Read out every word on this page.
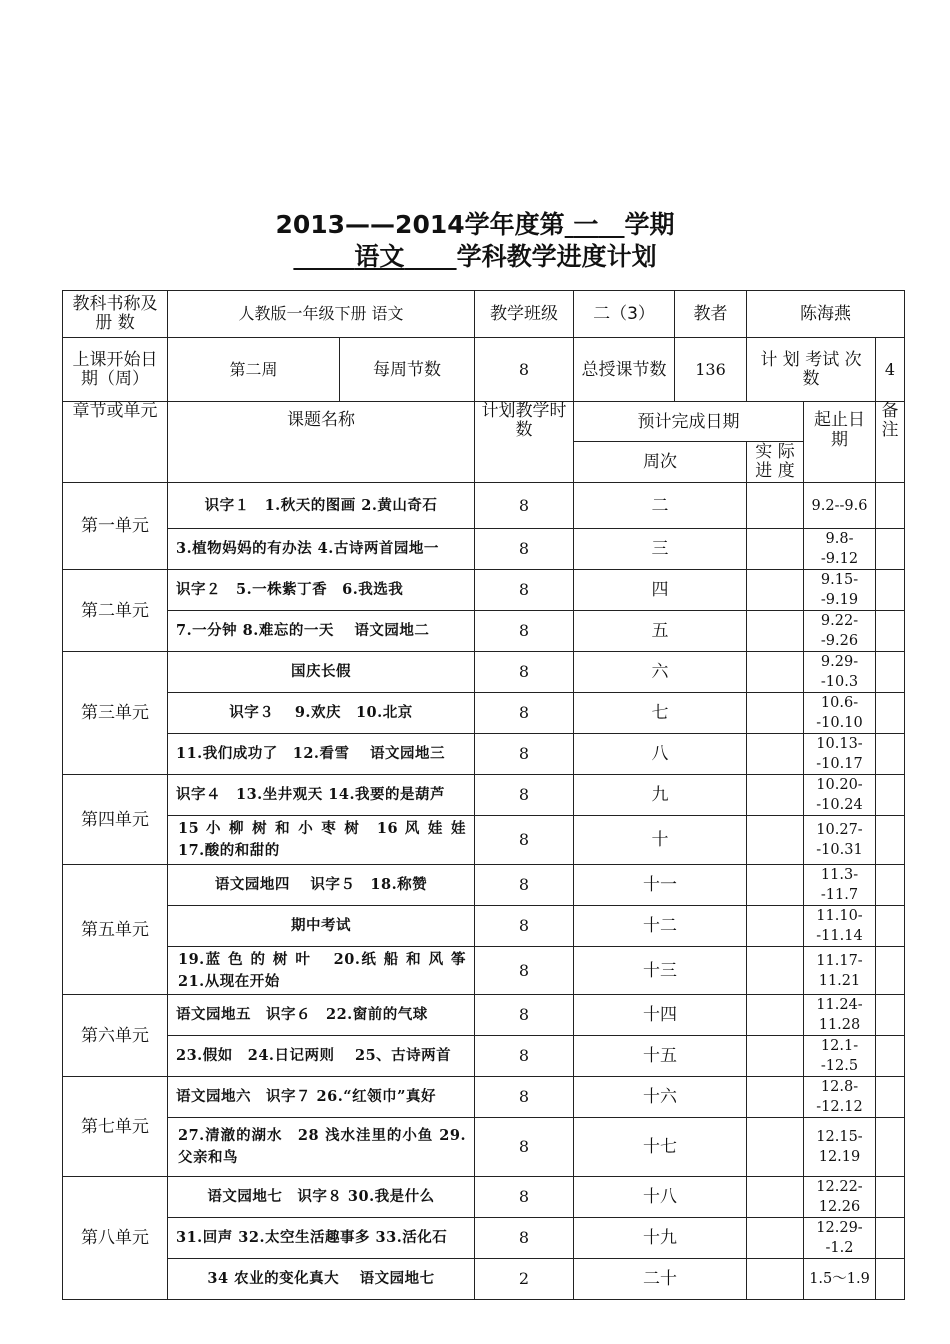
2013——2014学年度第 一 学期
语文 学科教学进度计划
教科书称及 册 数	人教版一年级下册 语文		教学班级	二（3）	教者	陈海燕		
上课开始日期（周）	第二周	每周节数	8	总授课节数	136	计 划 考试 次 数		4
章节或单元	课题名称		计划教学时　 数	预计完成日期			起止日期	备注
				周次		实 际进 度		
第一单元	识字１　1.秋天的图画 2.黄山奇石		8	二			9.2--9.6	
	3.植物妈妈的有办法 4.古诗两首园地一		8	三			9.8--9.12	
第二单元	识字２　5.一株紫丁香　6.我选我		8	四			9.15--9.19	
	7.一分钟 8.难忘的一天　 语文园地二		8	五			9.22--9.26	
第三单元	国庆长假		8	六			9.29--10.3	
	识字３　 9.欢庆　10.北京		8	七			10.6--10.10	
	11.我们成功了　12.看雪　 语文园地三		8	八			10.13--10.17	
第四单元	识字４　13.坐井观天 14.我要的是葫芦		8	九			10.20--10.24	
	15 小 柳 树 和 小 枣 树　16 风 娃 娃 17.酸的和甜的		8	十			10.27--10.31	
第五单元	语文园地四　 识字５　18.称赞		8	十一			11.3--11.7	
	期中考试		8	十二			11.10--11.14	
	19.蓝 色 的 树 叶　 20.纸 船 和 风 筝 21.从现在开始		8	十三			11.17-11.21	
第六单元	语文园地五　识字６　22.窗前的气球		8	十四			11.24-11.28	
	23.假如　24.日记两则　 25、古诗两首		8	十五			12.1--12.5	
第七单元	语文园地六　识字７ 26.“红领巾”真好		8	十六			12.8--12.12	
	27.清澈的湖水　28 浅水洼里的小鱼 29.父亲和鸟		8	十七			12.15-12.19	
第八单元	语文园地七　识字８ 30.我是什么		8	十八			12.22-12.26	
	31.回声 32.太空生活趣事多 33.活化石		8	十九			12.29--1.2	
	34 农业的变化真大　 语文园地七		2	二十			1.5～1.9	
